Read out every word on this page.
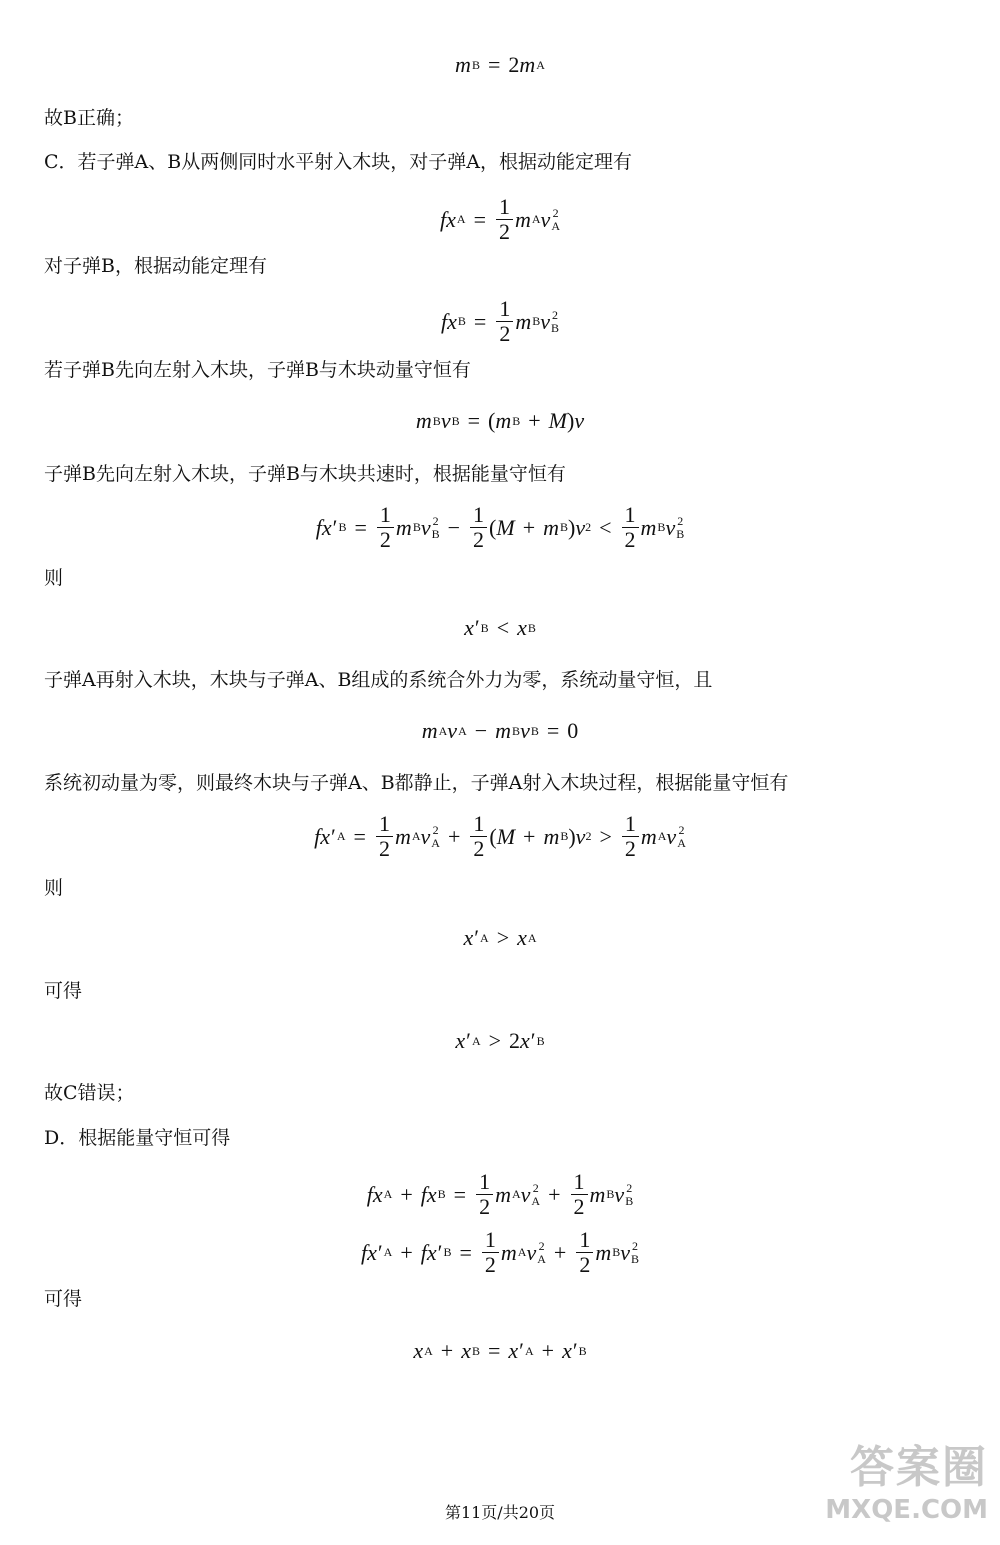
故B正确；
C．若子弹A、B从两侧同时水平射入木块，对子弹A，根据动能定理有
对子弹B，根据动能定理有
若子弹B先向左射入木块，子弹B与木块动量守恒有
子弹B先向左射入木块，子弹B与木块共速时，根据能量守恒有
则
子弹A再射入木块，木块与子弹A、B组成的系统合外力为零，系统动量守恒，且
系统初动量为零，则最终木块与子弹A、B都静止，子弹A射入木块过程，根据能量守恒有
则
可得
故C错误；
D．根据能量守恒可得
可得
m B = 2 m A
f x $A = \frac{1}{2}$ m A v 2
A
f x $B = \frac{1}{2}$ m B v 2
B
m B v B = ( m B + M ) v
f x ′ $B = \frac{1}{2}$ m B v 2
$B - \frac{1}{2}$ ( M + m B ) v $2 < \frac{1}{2}$ m B v 2
B
x ′ B < x B
m A v A − m B v B = 0
f x ′ $A = \frac{1}{2}$ m A v 2
$A + \frac{1}{2}$ ( M + m B ) v $2 > \frac{1}{2}$ m A v 2
A
x ′ A > x A
x ′ A > 2 x ′ B
f x A + f x $B = \frac{1}{2}$ m A v 2
$A + \frac{1}{2}$ m B v 2
B
f x ′ A + f x ′ $B = \frac{1}{2}$ m A v 2
$A + \frac{1}{2}$ m B v 2
B
x A + x B = x ′ A + x ′ B
第11页/共20页
答案圈
MXQE.COM
